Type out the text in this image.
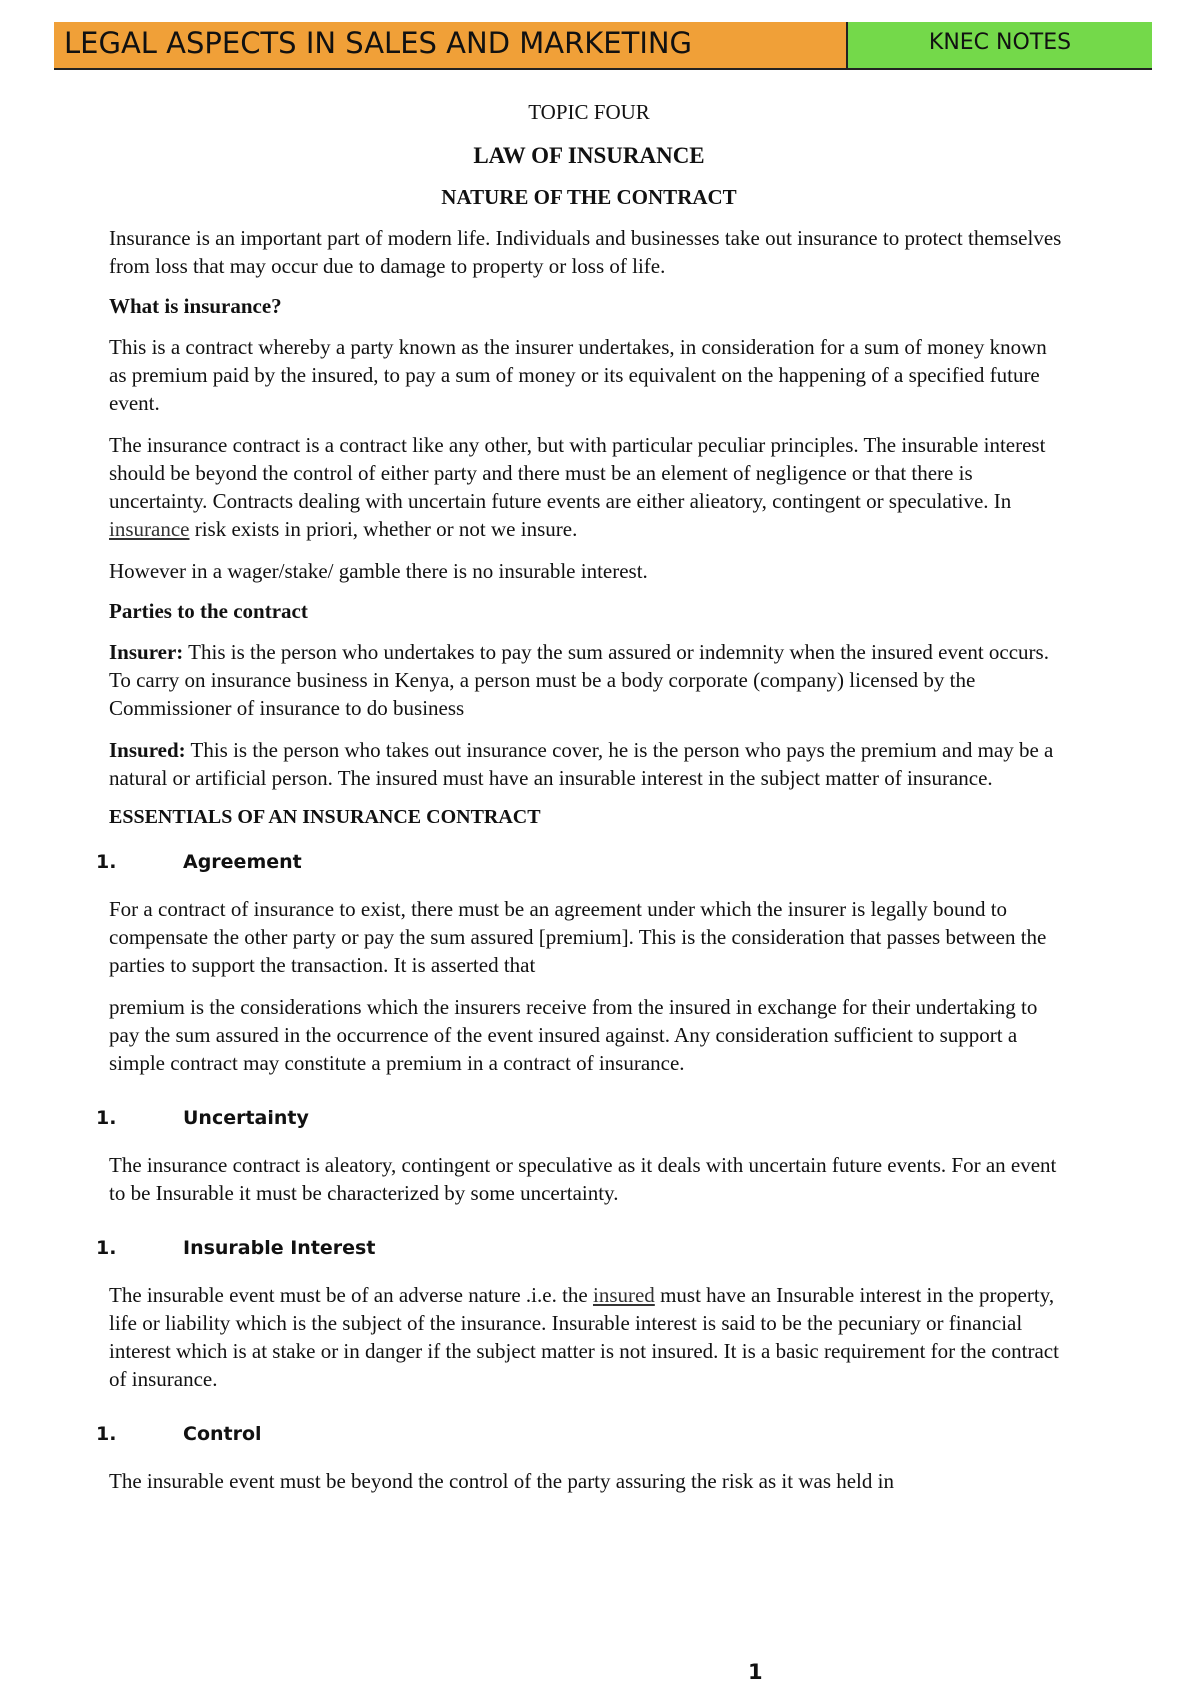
LEGAL ASPECTS IN SALES AND MARKETING	KNEC NOTES
TOPIC FOUR
LAW OF INSURANCE
NATURE OF THE CONTRACT

Insurance is an important part of modern life. Individuals and businesses take out insurance to protect themselves from loss that may occur due to damage to property or loss of life.

What is insurance?

This is a contract whereby a party known as the insurer undertakes, in consideration for a sum of money known as premium paid by the insured, to pay a sum of money or its equivalent on the happening of a specified future event.

The insurance contract is a contract like any other, but with particular peculiar principles. The insurable interest should be beyond the control of either party and there must be an element of negligence or that there is uncertainty. Contracts dealing with uncertain future events are either alieatory, contingent or speculative. In insurance risk exists in priori, whether or not we insure.

However in a wager/stake/ gamble there is no insurable interest.

Parties to the contract

Insurer: This is the person who undertakes to pay the sum assured or indemnity when the insured event occurs. To carry on insurance business in Kenya, a person must be a body corporate (company) licensed by the Commissioner of insurance to do business

Insured: This is the person who takes out insurance cover, he is the person who pays the premium and may be a natural or artificial person. The insured must have an insurable interest in the subject matter of insurance.

ESSENTIALS OF AN INSURANCE CONTRACT
1.	Agreement

For a contract of insurance to exist, there must be an agreement under which the insurer is legally bound to compensate the other party or pay the sum assured [premium]. This is the consideration that passes between the parties to support the transaction. It is asserted that

premium is the considerations which the insurers receive from the insured in exchange for their undertaking to pay the sum assured in the occurrence of the event insured against. Any consideration sufficient to support a simple contract may constitute a premium in a contract of insurance.

1.	Uncertainty

The insurance contract is aleatory, contingent or speculative as it deals with uncertain future events. For an event to be Insurable it must be characterized by some uncertainty.

1.	Insurable Interest

The insurable event must be of an adverse nature .i.e. the insured must have an Insurable interest in the property, life or liability which is the subject of the insurance. Insurable interest is said to be the pecuniary or financial interest which is at stake or in danger if the subject matter is not insured. It is a basic requirement for the contract of insurance.

1.	Control

The insurable event must be beyond the control of the party assuring the risk as it was held in

1
